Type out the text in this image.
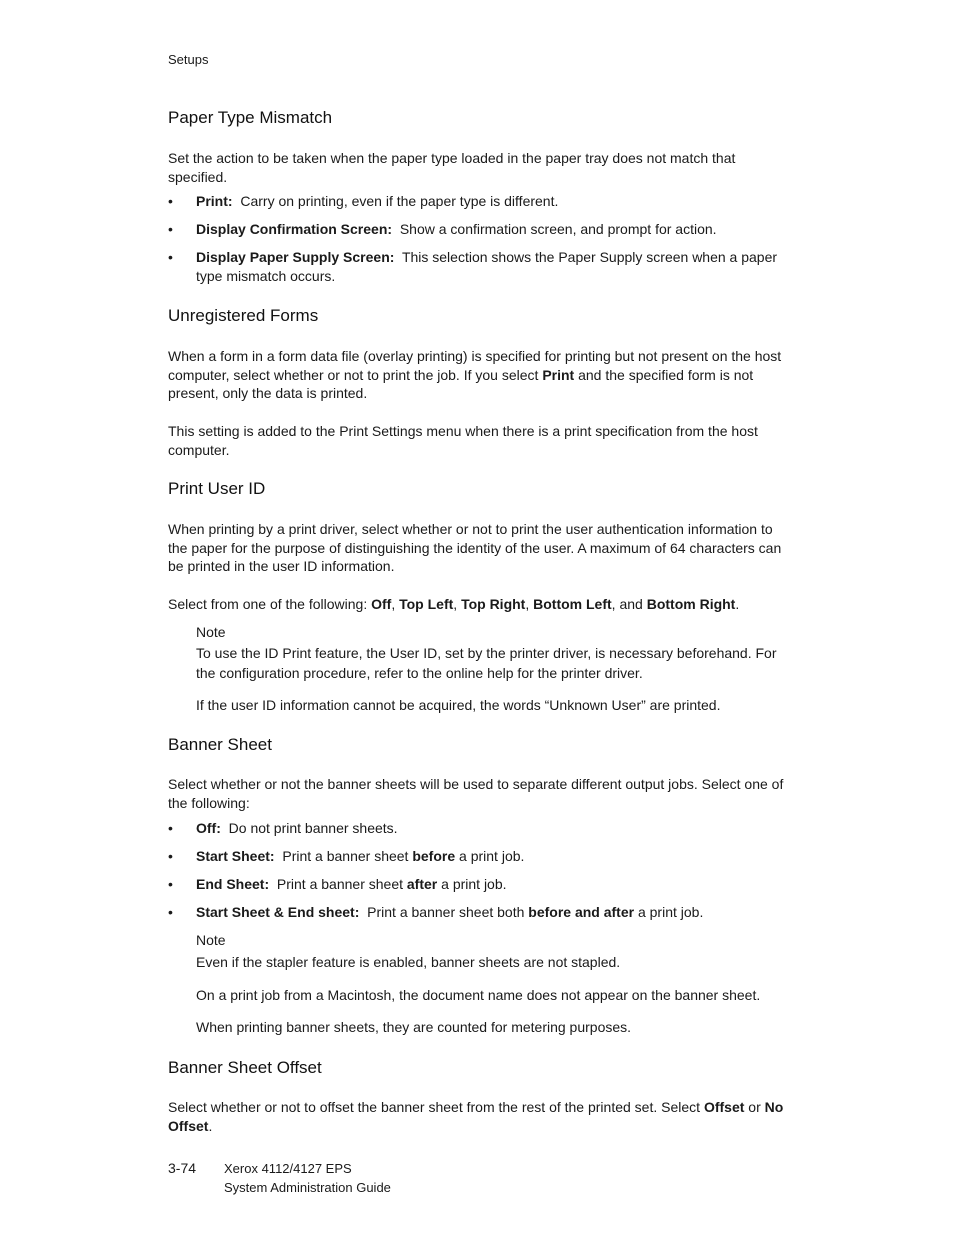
Setups
Paper Type Mismatch

Set the action to be taken when the paper type loaded in the paper tray does not match that specified.

• Print: Carry on printing, even if the paper type is different.
• Display Confirmation Screen: Show a confirmation screen, and prompt for action.
• Display Paper Supply Screen: This selection shows the Paper Supply screen when a paper type mismatch occurs.
Unregistered Forms

When a form in a form data file (overlay printing) is specified for printing but not present on the host computer, select whether or not to print the job. If you select Print and the specified form is not present, only the data is printed.

This setting is added to the Print Settings menu when there is a print specification from the host computer.

Print User ID

When printing by a print driver, select whether or not to print the user authentication information to the paper for the purpose of distinguishing the identity of the user. A maximum of 64 characters can be printed in the user ID information.

Select from one of the following: Off, Top Left, Top Right, Bottom Left, and Bottom Right.

Note

To use the ID Print feature, the User ID, set by the printer driver, is necessary beforehand. For the configuration procedure, refer to the online help for the printer driver.

If the user ID information cannot be acquired, the words “Unknown User” are printed.

Banner Sheet

Select whether or not the banner sheets will be used to separate different output jobs. Select one of the following:

• Off: Do not print banner sheets.
• Start Sheet: Print a banner sheet before a print job.
• End Sheet: Print a banner sheet after a print job.
• Start Sheet & End sheet: Print a banner sheet both before and after a print job.

Note

Even if the stapler feature is enabled, banner sheets are not stapled.

On a print job from a Macintosh, the document name does not appear on the banner sheet.

When printing banner sheets, they are counted for metering purposes.

Banner Sheet Offset

Select whether or not to offset the banner sheet from the rest of the printed set. Select Offset or No Offset.

3-74 Xerox 4112/4127 EPS
System Administration Guide
